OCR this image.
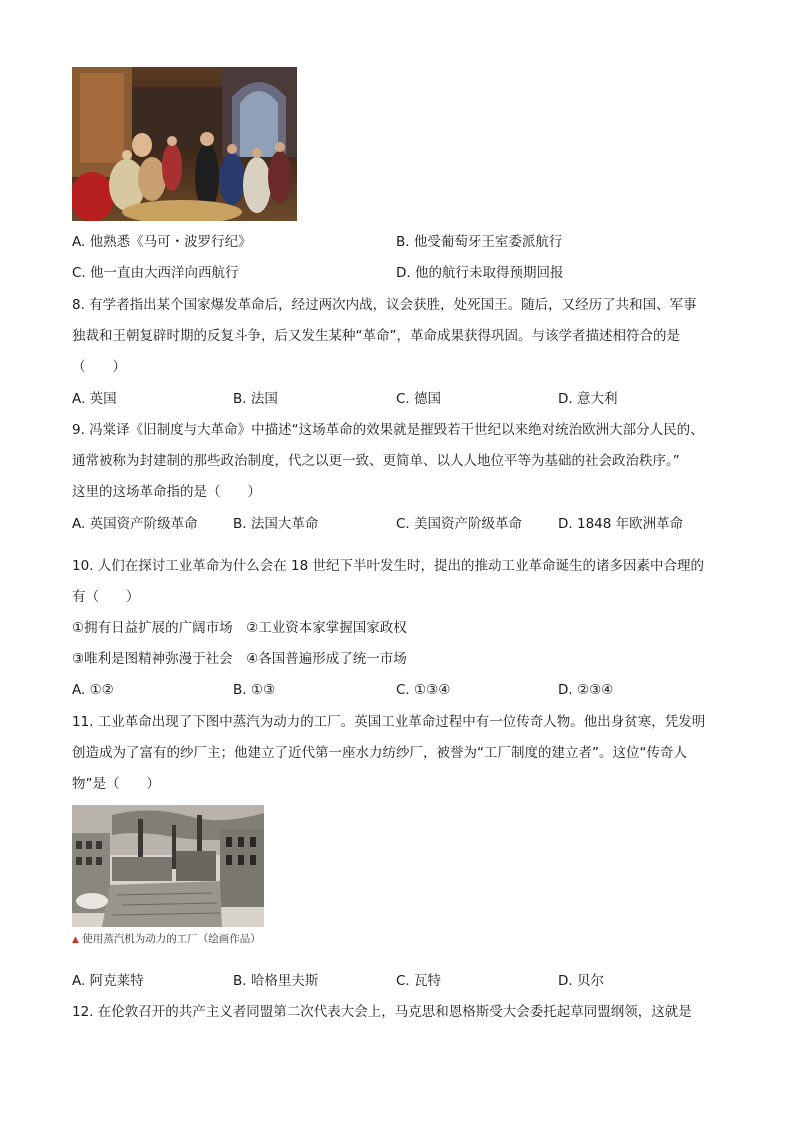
A. 他熟悉《马可・波罗行纪》	B. 他受葡萄牙王室委派航行
C. 他一直由大西洋向西航行	D. 他的航行未取得预期回报
8. 有学者指出某个国家爆发革命后，经过两次内战，议会获胜，处死国王。随后，又经历了共和国、军事
独裁和王朝复辟时期的反复斗争，后又发生某种“革命”，革命成果获得巩固。与该学者描述相符合的是
（　　）
A. 英国	B. 法国	C. 德国	D. 意大利
9. 冯棠译《旧制度与大革命》中描述“这场革命的效果就是摧毁若干世纪以来绝对统治欧洲大部分人民的、
通常被称为封建制的那些政治制度，代之以更一致、更简单、以人人地位平等为基础的社会政治秩序。”
这里的这场革命指的是（　　）
A. 英国资产阶级革命	B. 法国大革命	C. 美国资产阶级革命	D. 1848 年欧洲革命
10. 人们在探讨工业革命为什么会在 18 世纪下半叶发生时，提出的推动工业革命诞生的诸多因素中合理的
有（　　）
①拥有日益扩展的广阔市场　②工业资本家掌握国家政权
③唯利是图精神弥漫于社会　④各国普遍形成了统一市场
A. ①②	B. ①③	C. ①③④	D. ②③④
11. 工业革命出现了下图中蒸汽为动力的工厂。英国工业革命过程中有一位传奇人物。他出身贫寒，凭发明
创造成为了富有的纱厂主；他建立了近代第一座水力纺纱厂，被誉为“工厂制度的建立者”。这位“传奇人
物”是（　　）
▲ 使用蒸汽机为动力的工厂（绘画作品）
A. 阿克莱特	B. 哈格里夫斯	C. 瓦特	D. 贝尔
12. 在伦敦召开的共产主义者同盟第二次代表大会上，马克思和恩格斯受大会委托起草同盟纲领，这就是
